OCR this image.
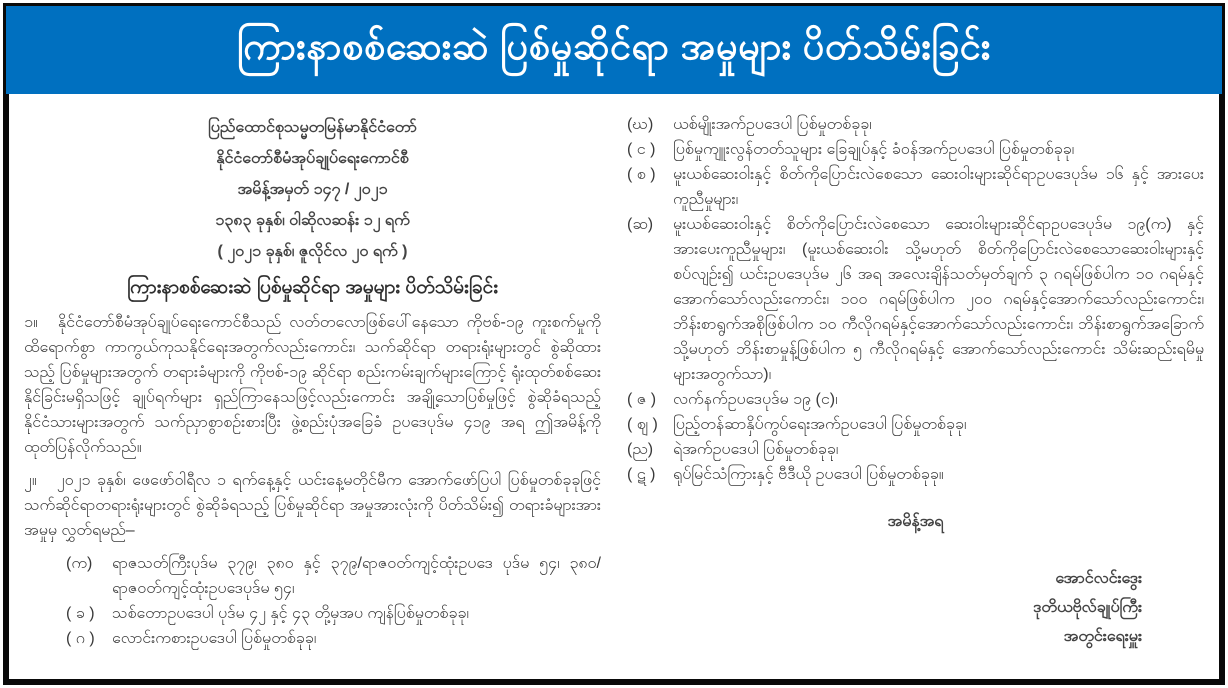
ကြားနာစစ်ဆေးဆဲ ပြစ်မှုဆိုင်ရာ အမှုများ ပိတ်သိမ်းခြင်း
ပြည်ထောင်စုသမ္မတမြန်မာနိုင်ငံတော်
နိုင်ငံတော်စီမံအုပ်ချုပ်ရေးကောင်စီ
အမိန့်အမှတ် ၁၄၇ / ၂၀၂၁
၁၃၈၃ ခုနှစ်၊ ဝါဆိုလဆန်း ၁၂ ရက်
( ၂၀၂၁ ခုနှစ်၊ ဇူလိုင်လ ၂၀ ရက် )
ကြားနာစစ်ဆေးဆဲ ပြစ်မှုဆိုင်ရာ အမှုများ ပိတ်သိမ်းခြင်း

၁။ နိုင်ငံတော်စီမံအုပ်ချုပ်ရေးကောင်စီသည် လတ်တလောဖြစ်ပေါ်နေသော ကိုဗစ်-၁၉ ကူးစက်မှုကို ထိရောက်စွာ ကာကွယ်ကုသနိုင်ရေးအတွက်လည်းကောင်း၊ သက်ဆိုင်ရာ တရားရုံးများတွင် စွဲဆိုထားသည့် ပြစ်မှုများအတွက် တရားခံများကို ကိုဗစ်-၁၉ ဆိုင်ရာ စည်းကမ်းချက်များကြောင့် ရုံးထုတ်စစ်ဆေးနိုင်ခြင်းမရှိသဖြင့် ချုပ်ရက်များ ရှည်ကြာနေသဖြင့်လည်းကောင်း အချို့သောပြစ်မှုဖြင့် စွဲဆိုခံရသည့် နိုင်ငံသားများအတွက် သက်ညှာစွာစဉ်းစားပြီး ဖွဲ့စည်းပုံအခြေခံ ဥပဒေပုဒ်မ ၄၁၉ အရ ဤအမိန့်ကို ထုတ်ပြန်လိုက်သည်။

၂။ ၂၀၂၁ ခုနှစ်၊ ဖေဖော်ဝါရီလ ၁ ရက်နေ့နှင့် ယင်းနေ့မတိုင်မီက အောက်ဖော်ပြပါ ပြစ်မှုတစ်ခုခုဖြင့် သက်ဆိုင်ရာတရားရုံးများတွင် စွဲဆိုခံရသည့် ပြစ်မှုဆိုင်ရာ အမှုအားလုံးကို ပိတ်သိမ်း၍ တရားခံများအား အမှုမှ လွှတ်ရမည်–

(က)	ရာဇသတ်ကြီးပုဒ်မ ၃၇၉၊ ၃၈၀ နှင့် ၃၇၉/ရာဇဝတ်ကျင့်ထုံးဥပဒေ ပုဒ်မ ၅၄၊ ၃၈၀/ ရာဇဝတ်ကျင့်ထုံးဥပဒေပုဒ်မ ၅၄၊
( ခ )	သစ်တောဥပဒေပါ ပုဒ်မ ၄၂ နှင့် ၄၃ တို့မှအပ ကျန်ပြစ်မှုတစ်ခုခု၊
( ဂ )	လောင်းကစားဥပဒေပါ ပြစ်မှုတစ်ခုခု၊
(ဃ)	ယစ်မျိုးအက်ဥပဒေပါ ပြစ်မှုတစ်ခုခု၊
( င )	ပြစ်မှုကျူးလွန်တတ်သူများ ခြေချုပ်နှင့် ခံဝန်အက်ဥပဒေပါ ပြစ်မှုတစ်ခုခု၊
( စ )	မူးယစ်ဆေးဝါးနှင့် စိတ်ကိုပြောင်းလဲစေသော ဆေးဝါးများဆိုင်ရာဥပဒေပုဒ်မ ၁၆ နှင့် အားပေးကူညီမှုများ၊
(ဆ)	မူးယစ်ဆေးဝါးနှင့် စိတ်ကိုပြောင်းလဲစေသော ဆေးဝါးများဆိုင်ရာဥပဒေပုဒ်မ ၁၉(က) နှင့် အားပေးကူညီမှုများ၊ (မူးယစ်ဆေးဝါး သို့မဟုတ် စိတ်ကိုပြောင်းလဲစေသောဆေးဝါးများနှင့် စပ်လျဉ်း၍ ယင်းဥပဒေပုဒ်မ ၂၆ အရ အလေးချိန်သတ်မှတ်ချက် ၃ ဂရမ်ဖြစ်ပါက ၁၀ ဂရမ်နှင့် အောက်သော်လည်းကောင်း၊ ၁၀၀ ဂရမ်ဖြစ်ပါက ၂၀၀ ဂရမ်နှင့်အောက်သော်လည်းကောင်း၊ ဘိန်းစာရွက်အစိုဖြစ်ပါက ၁၀ ကီလိုဂရမ်နှင့်အောက်သော်လည်းကောင်း၊ ဘိန်းစာရွက်အခြောက် သို့မဟုတ် ဘိန်းစာမှုန့်ဖြစ်ပါက ၅ ကီလိုဂရမ်နှင့် အောက်သော်လည်းကောင်း သိမ်းဆည်းရမိမှုများအတွက်သာ)၊
( ဇ )	လက်နက်ဥပဒေပုဒ်မ ၁၉ (င)၊
( ဈ ) ပြည့်တန်ဆာနှိပ်ကွပ်ရေးအက်ဥပဒေပါ ပြစ်မှုတစ်ခုခု၊
(ည)	ရဲအက်ဥပဒေပါ ပြစ်မှုတစ်ခုခု၊
( ဋ )	ရုပ်မြင်သံကြားနှင့် ဗီဒီယို ဥပဒေပါ ပြစ်မှုတစ်ခုခု။
အမိန့်အရ
အောင်လင်းဒွေး
ဒုတိယဗိုလ်ချုပ်ကြီး
အတွင်းရေးမှူး
